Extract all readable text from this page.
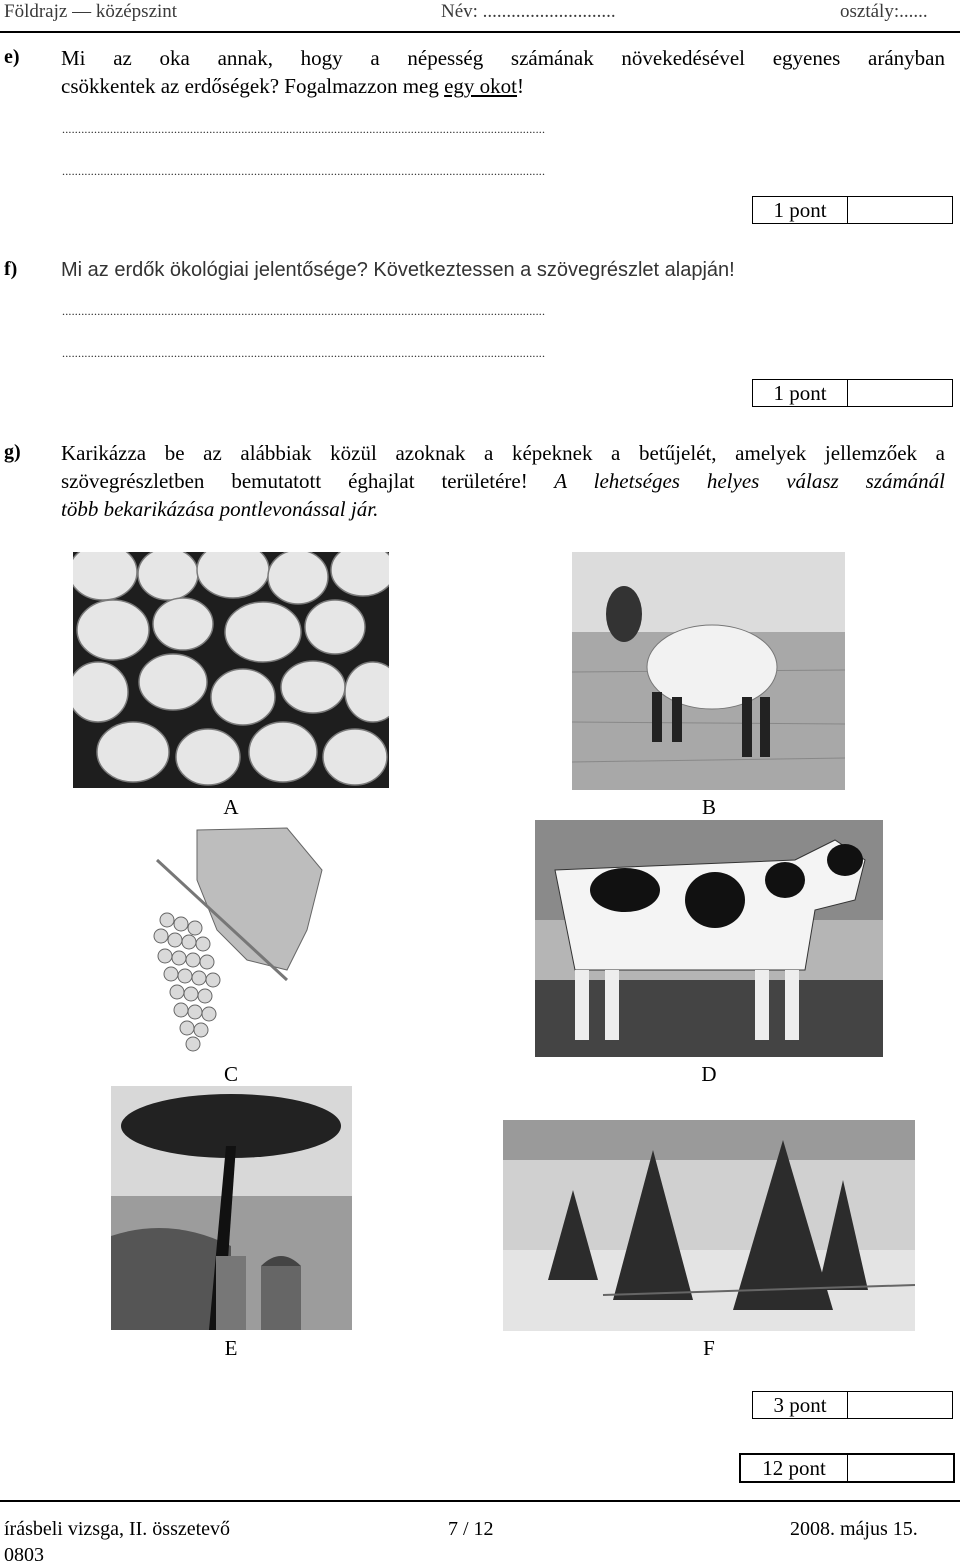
Földrajz — középszint	Név: ............................	osztály:......
e) Mi az oka annak, hogy a népesség számának növekedésével egyenes arányban
csökkentek az erdőségek? Fogalmazzon meg egy okot!
.......................................................................................................................................................
.......................................................................................................................................................
1 pont
f) Mi az erdők ökológiai jelentősége? Következtessen a szövegrészlet alapján!
.......................................................................................................................................................
.......................................................................................................................................................
1 pont
g) Karikázza be az alábbiak közül azoknak a képeknek a betűjelét, amelyek jellemzőek a
szövegrészletben bemutatott éghajlat területére! A lehetséges helyes válasz számánál
több bekarikázása pontlevonással jár.
A	B
C	D
E	F
3 pont
12 pont
írásbeli vizsga, II. összetevő
0803
7 / 12	2008. május 15.
